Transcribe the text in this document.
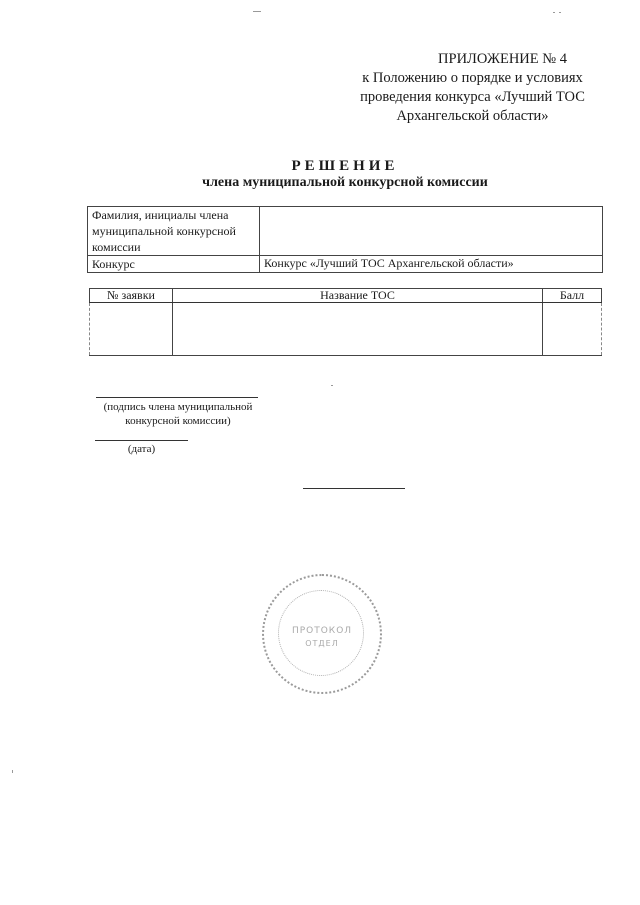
ПРИЛОЖЕНИЕ № 4
к Положению о порядке и условиях
проведения конкурса «Лучший ТОС
Архангельской области»
РЕШЕНИЕ
члена муниципальной конкурсной комиссии
Фамилия, инициалы члена муниципальной конкурсной комиссии	
Конкурс	Конкурс «Лучший ТОС Архангельской области»
№ заявки	Название ТОС	Балл

(подпись члена муниципальной
конкурсной комиссии)
(дата)
ПРОТОКОЛ
ОТДЕЛ
